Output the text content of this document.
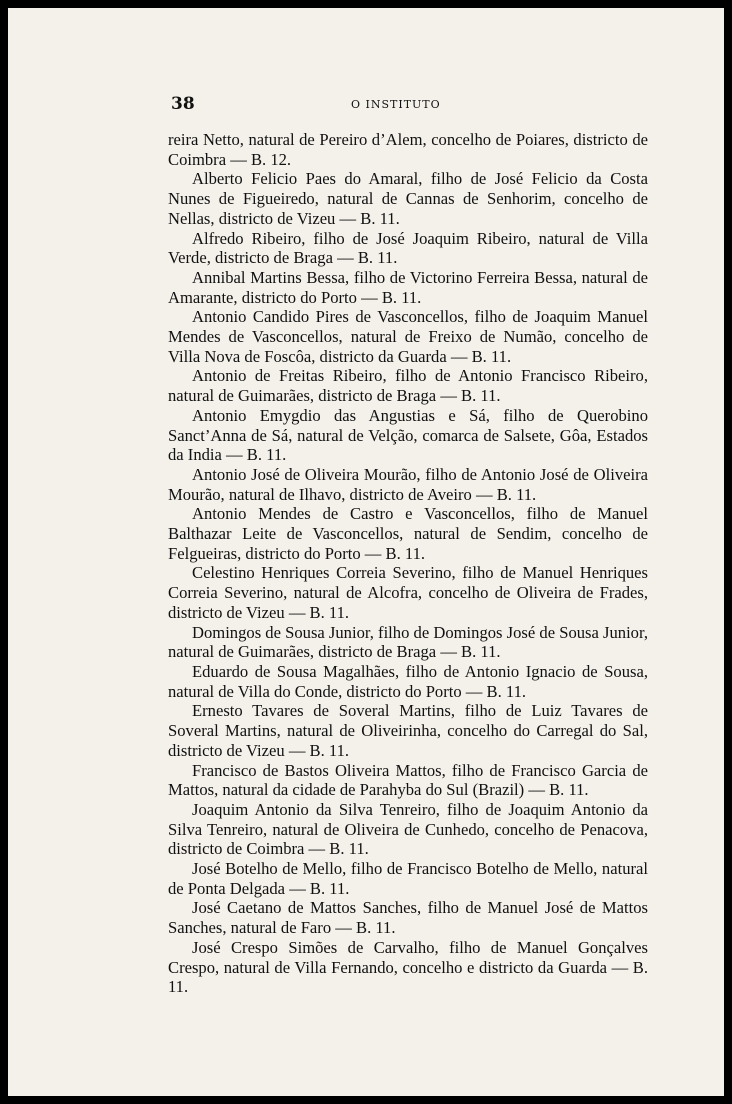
38	O INSTITUTO

reira Netto, natural de Pereiro d’Alem, concelho de Poiares, districto de Coimbra — B. 12.

Alberto Felicio Paes do Amaral, filho de José Felicio da Costa Nunes de Figueiredo, natural de Cannas de Senhorim, concelho de Nellas, districto de Vizeu — B. 11.

Alfredo Ribeiro, filho de José Joaquim Ribeiro, natural de Villa Verde, districto de Braga — B. 11.

Annibal Martins Bessa, filho de Victorino Ferreira Bessa, natural de Amarante, districto do Porto — B. 11.

Antonio Candido Pires de Vasconcellos, filho de Joaquim Manuel Mendes de Vasconcellos, natural de Freixo de Numão, concelho de Villa Nova de Foscôa, districto da Guarda — B. 11.

Antonio de Freitas Ribeiro, filho de Antonio Francisco Ribeiro, natural de Guimarães, districto de Braga — B. 11.

Antonio Emygdio das Angustias e Sá, filho de Querobino Sanct’Anna de Sá, natural de Velção, comarca de Salsete, Gôa, Estados da India — B. 11.

Antonio José de Oliveira Mourão, filho de Antonio José de Oliveira Mourão, natural de Ilhavo, districto de Aveiro — B. 11.

Antonio Mendes de Castro e Vasconcellos, filho de Manuel Balthazar Leite de Vasconcellos, natural de Sendim, concelho de Felgueiras, districto do Porto — B. 11.

Celestino Henriques Correia Severino, filho de Manuel Henriques Correia Severino, natural de Alcofra, concelho de Oliveira de Frades, districto de Vizeu — B. 11.

Domingos de Sousa Junior, filho de Domingos José de Sousa Junior, natural de Guimarães, districto de Braga — B. 11.

Eduardo de Sousa Magalhães, filho de Antonio Ignacio de Sousa, natural de Villa do Conde, districto do Porto — B. 11.

Ernesto Tavares de Soveral Martins, filho de Luiz Tavares de Soveral Martins, natural de Oliveirinha, concelho do Carregal do Sal, districto de Vizeu — B. 11.

Francisco de Bastos Oliveira Mattos, filho de Francisco Garcia de Mattos, natural da cidade de Parahyba do Sul (Brazil) — B. 11.

Joaquim Antonio da Silva Tenreiro, filho de Joaquim Antonio da Silva Tenreiro, natural de Oliveira de Cunhedo, concelho de Penacova, districto de Coimbra — B. 11.

José Botelho de Mello, filho de Francisco Botelho de Mello, natural de Ponta Delgada — B. 11.

José Caetano de Mattos Sanches, filho de Manuel José de Mattos Sanches, natural de Faro — B. 11.

José Crespo Simões de Carvalho, filho de Manuel Gonçalves Crespo, natural de Villa Fernando, concelho e districto da Guarda — B. 11.
